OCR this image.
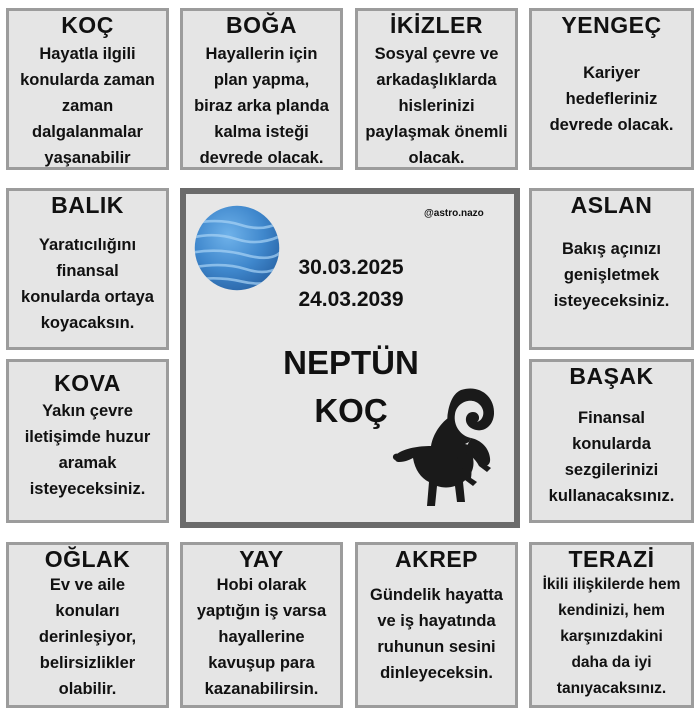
KOÇ
Hayatla ilgili
konularda zaman
zaman
dalgalanmalar
yaşanabilir
BOĞA
Hayallerin için
plan yapma,
biraz arka planda
kalma isteği
devrede olacak.
İKİZLER
Sosyal çevre ve
arkadaşlıklarda
hislerinizi
paylaşmak önemli
olacak.
YENGEÇ
Kariyer
hedefleriniz
devrede olacak.
BALIK
Yaratıcılığını
finansal
konularda ortaya
koyacaksın.
KOVA
Yakın çevre
iletişimde huzur
aramak
isteyeceksiniz.
ASLAN
Bakış açınızı
genişletmek
isteyeceksiniz.
BAŞAK
Finansal
konularda
sezgilerinizi
kullanacaksınız.
OĞLAK
Ev ve aile
konuları
derinleşiyor,
belirsizlikler
olabilir.
YAY
Hobi olarak
yaptığın iş varsa
hayallerine
kavuşup para
kazanabilirsin.
AKREP
Gündelik hayatta
ve iş hayatında
ruhunun sesini
dinleyeceksin.
TERAZİ
İkili ilişkilerde hem
kendinizi, hem
karşınızdakini
daha da iyi
tanıyacaksınız.
@astro.nazo
30.03.2025
24.03.2039
NEPTÜN
KOÇ
